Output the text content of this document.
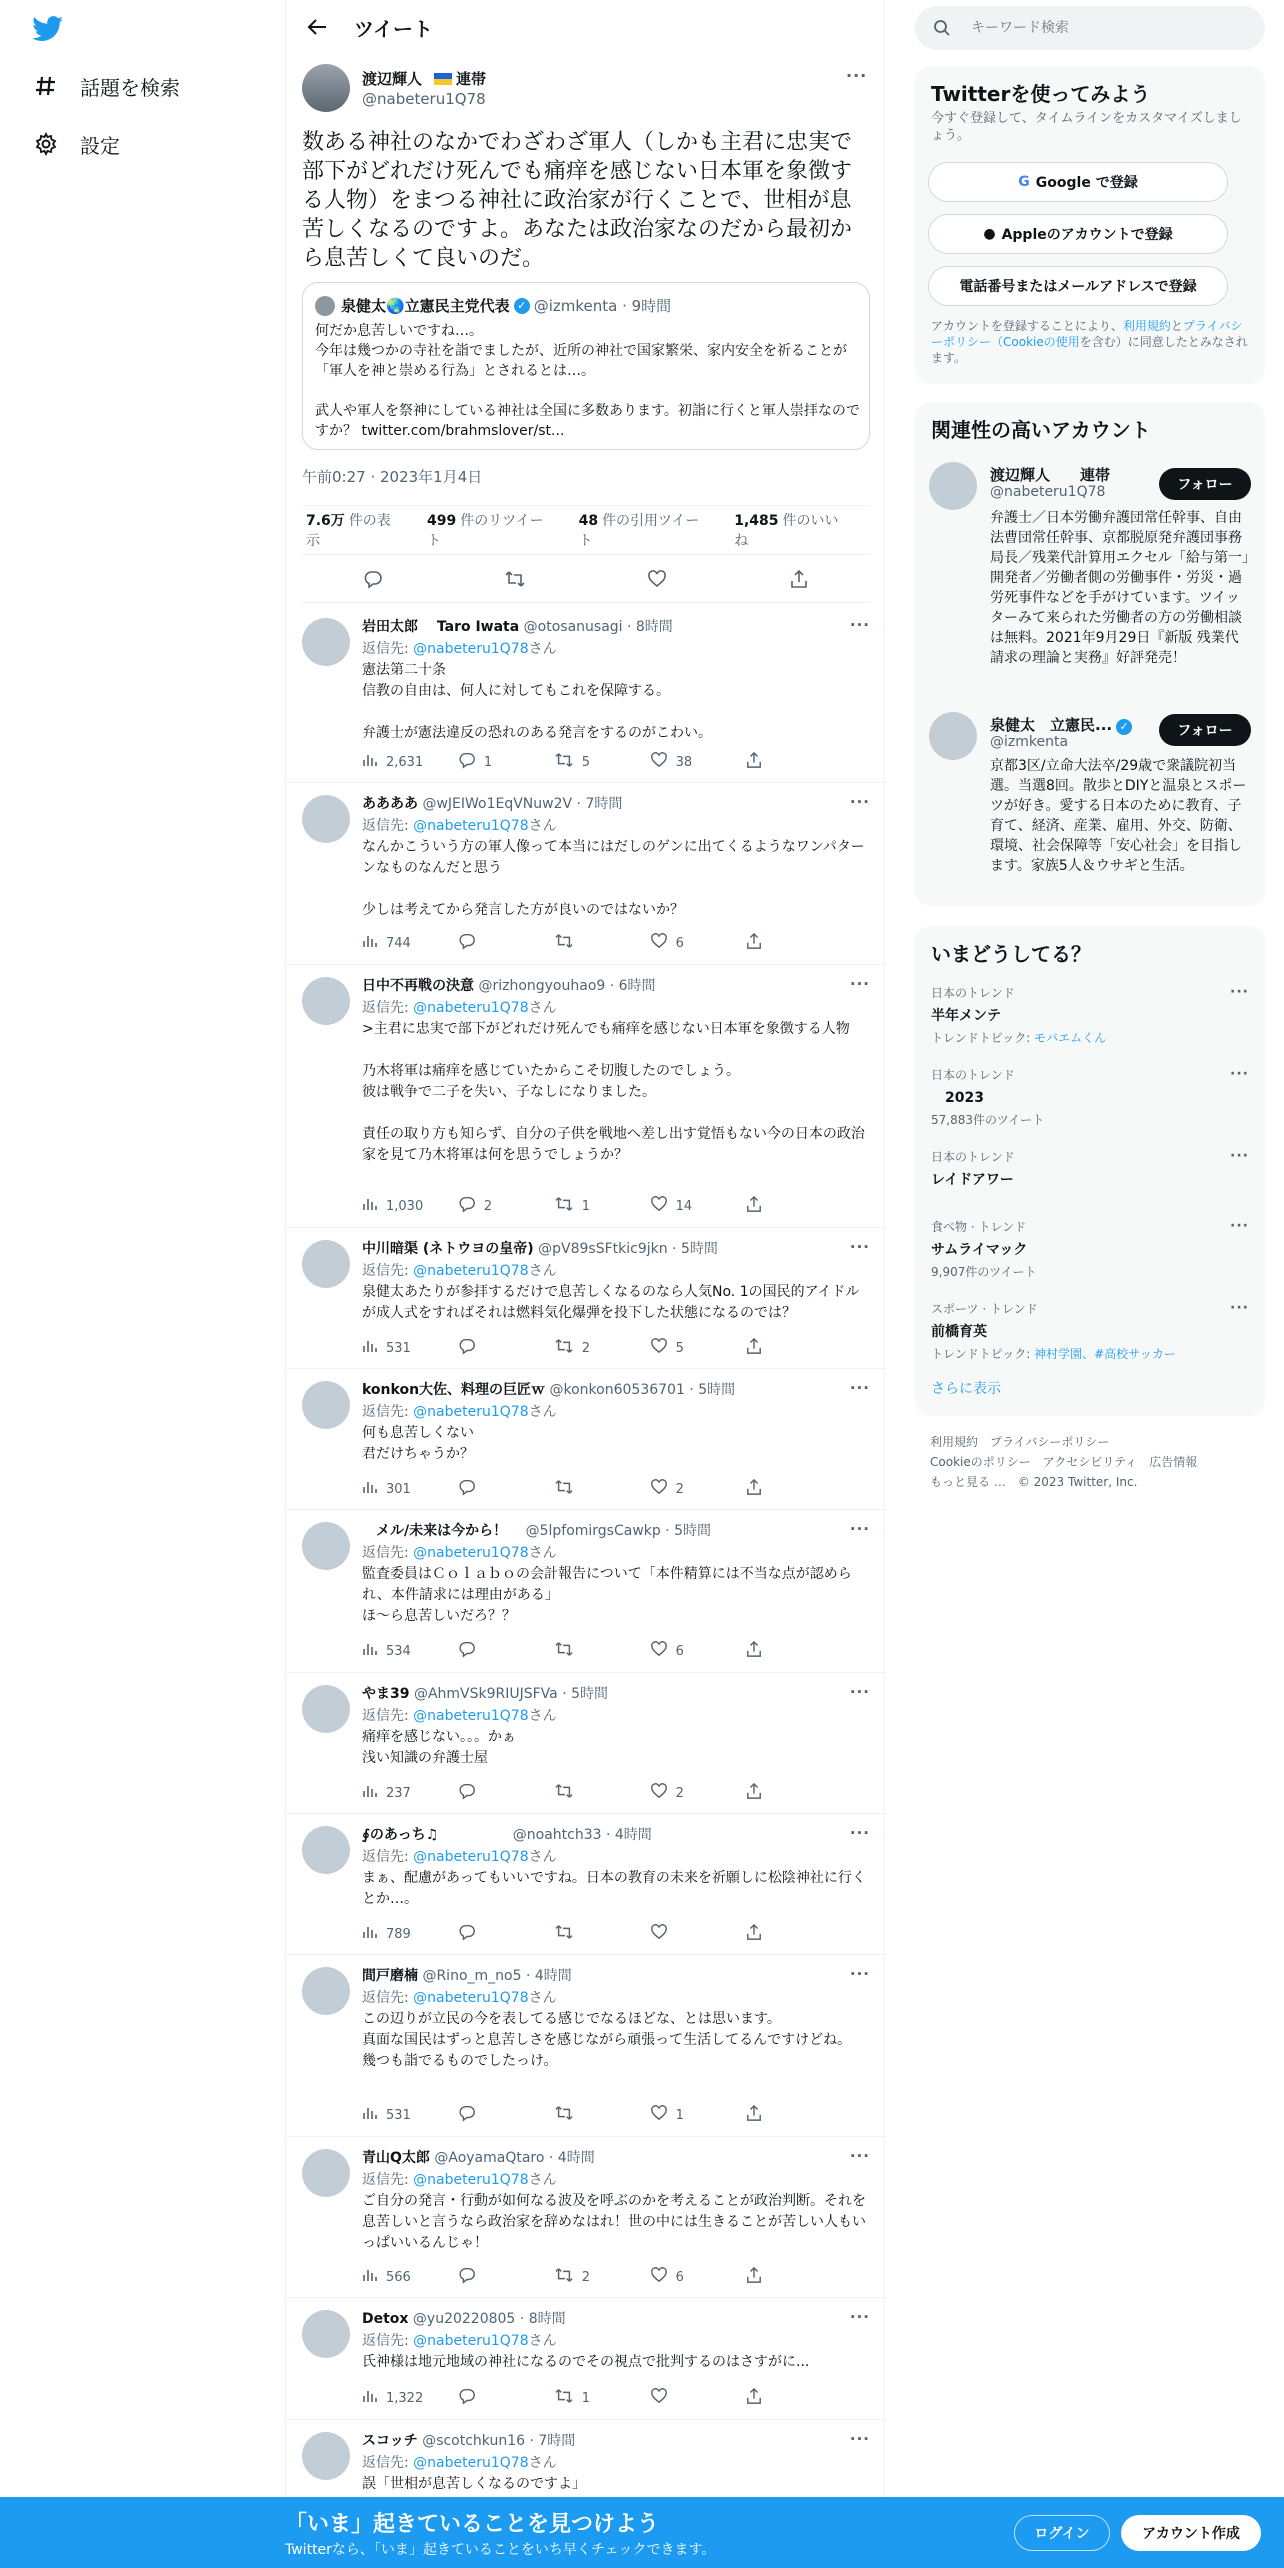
話題を検索
設定
ツイート
渡辺輝人 連帯
@nabeteru1Q78
···
数ある神社のなかでわざわざ軍人（しかも主君に忠実で部下がどれだけ死んでも痛痒を感じない日本軍を象徴する人物）をまつる神社に政治家が行くことで、世相が息苦しくなるのですよ。あなたは政治家なのだから最初から息苦しくて良いのだ。
泉健太🌏立憲民主党代表 ✓ @izmkenta · 9時間
何だか息苦しいですね…。
今年は幾つかの寺社を詣でましたが、近所の神社で国家繁栄、家内安全を祈ることが「軍人を神と崇める行為」とされるとは…。

武人や軍人を祭神にしている神社は全国に多数あります。初詣に行くと軍人崇拝なのですか？ twitter.com/brahmslover/st...
午前0:27 · 2023年1月4日
7.6万 件の表示
499 件のリツイート
48 件の引用ツイート
1,485 件のいいね
岩田太郎　 Taro Iwata @otosanusagi · 8時間	···
返信先: @nabeteru1Q78さん
憲法第二十条
信教の自由は、何人に対してもこれを保障する。

弁護士が憲法違反の恐れのある発言をするのがこわい。
2,631	1	5	38
ああああ @wJEIWo1EqVNuw2V · 7時間	···
返信先: @nabeteru1Q78さん
なんかこういう方の軍人像って本当にはだしのゲンに出てくるようなワンパターンなものなんだと思う

少しは考えてから発言した方が良いのではないか？
744	6
日中不再戦の決意 @rizhongyouhao9 · 6時間	···
返信先: @nabeteru1Q78さん
>主君に忠実で部下がどれだけ死んでも痛痒を感じない日本軍を象徴する人物

乃木将軍は痛痒を感じていたからこそ切腹したのでしょう。
彼は戦争で二子を失い、子なしになりました。

責任の取り方も知らず、自分の子供を戦地へ差し出す覚悟もない今の日本の政治家を見て乃木将軍は何を思うでしょうか？
1,030	2	1	14
中川暗渠 (ネトウヨの皇帝) @pV89sSFtkic9jkn · 5時間	···
返信先: @nabeteru1Q78さん
泉健太あたりが参拝するだけで息苦しくなるのなら人気No. 1の国民的アイドルが成人式をすればそれは燃料気化爆弾を投下した状態になるのでは？
531	2	5
konkon大佐、料理の巨匠ｗ @konkon60536701 · 5時間	···
返信先: @nabeteru1Q78さん
何も息苦しくない
君だけちゃうか？
301	2
　メル/未来は今から！ 　@5lpfomirgsCawkp · 5時間	···
返信先: @nabeteru1Q78さん
監査委員はＣｏｌａｂｏの会計報告について「本件精算には不当な点が認められ、本件請求には理由がある」
ほ～ら息苦しいだろ？？
534	6
やま39 @AhmVSk9RIUJSFVa · 5時間	···
返信先: @nabeteru1Q78さん
痛痒を感じない。。。かぁ
浅い知識の弁護士屋
237	2
∮のあっち♫ 　　　　　@noahtch33 · 4時間	···
返信先: @nabeteru1Q78さん
まぁ、配慮があってもいいですね。日本の教育の未来を祈願しに松陰神社に行くとか…。
789
間戸磨楠 @Rino_m_no5 · 4時間	···
返信先: @nabeteru1Q78さん
この辺りが立民の今を表してる感じでなるほどな、とは思います。
真面な国民はずっと息苦しさを感じながら頑張って生活してるんですけどね。
幾つも詣でるものでしたっけ。
531	1
青山Q太郎 @AoyamaQtaro · 4時間	···
返信先: @nabeteru1Q78さん
ご自分の発言・行動が如何なる波及を呼ぶのかを考えることが政治判断。それを息苦しいと言うなら政治家を辞めなはれ！世の中には生きることが苦しい人もいっぱいいるんじゃ！
566	2	6
Detox @yu20220805 · 8時間	···
返信先: @nabeteru1Q78さん
氏神様は地元地域の神社になるのでその視点で批判するのはさすがに...
1,322	1
スコッチ @scotchkun16 · 7時間	···
返信先: @nabeteru1Q78さん
誤「世相が息苦しくなるのですよ」
キーワード検索
Twitterを使ってみよう
今すぐ登録して、タイムラインをカスタマイズしましょう。
G Google で登録
● Appleのアカウントで登録
電話番号またはメールアドレスで登録
アカウントを登録することにより、利用規約とプライバシーポリシー（Cookieの使用を含む）に同意したとみなされます。
関連性の高いアカウント
渡辺輝人　　連帯
@nabeteru1Q78	フォロー
弁護士／日本労働弁護団常任幹事、自由法曹団常任幹事、京都脱原発弁護団事務局長／残業代計算用エクセル「給与第一」開発者／労働者側の労働事件・労災・過労死事件などを手がけています。ツイッターみて来られた労働者の方の労働相談は無料。2021年9月29日『新版 残業代請求の理論と実務』好評発売！
泉健太　立憲民... ✓
@izmkenta
フォロー
京都3区/立命大法卒/29歳で衆議院初当選。当選8回。散歩とDIYと温泉とスポーツが好き。愛する日本のために教育、子育て、経済、産業、雇用、外交、防衛、環境、社会保障等「安心社会」を目指します。家族5人＆ウサギと生活。
いまどうしてる？
日本のトレンド
半年メンテ
トレンドトピック: モバエムくん
···
日本のトレンド
　2023
57,883件のツイート
···
日本のトレンド
レイドアワー
···
食べ物 · トレンド
サムライマック
9,907件のツイート
···
スポーツ · トレンド
前橋育英
トレンドトピック: 神村学園、#高校サッカー
···
さらに表示
利用規約 プライバシーポリシー
Cookieのポリシー アクセシビリティ 広告情報
もっと見る … © 2023 Twitter, Inc.
「いま」起きていることを見つけよう
Twitterなら、「いま」起きていることをいち早くチェックできます。
ログイン	アカウント作成
